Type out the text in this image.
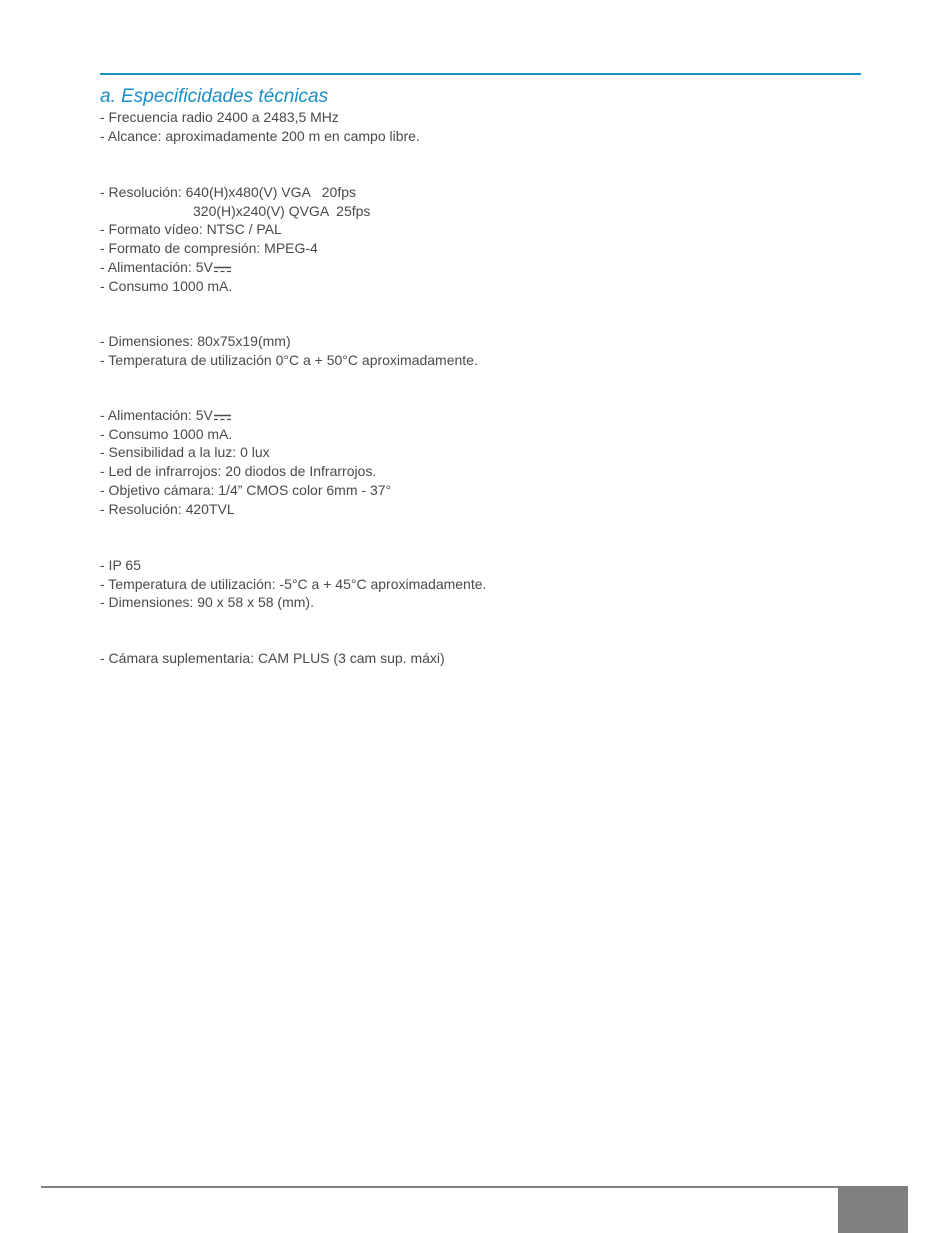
a. Especificidades técnicas
- Frecuencia radio 2400 a 2483,5 MHz
- Alcance: aproximadamente 200 m en campo libre.
- Resolución: 640(H)x480(V) VGA   20fps
320(H)x240(V) QVGA  25fps
- Formato vídeo: NTSC / PAL
- Formato de compresión: MPEG-4
- Alimentación: 5V
- Consumo 1000 mA.
- Dimensiones: 80x75x19(mm)
- Temperatura de utilización 0°C a + 50°C aproximadamente.
- Alimentación: 5V
- Consumo 1000 mA.
- Sensibilidad a la luz: 0 lux
- Led de infrarrojos: 20 diodos de Infrarrojos.
- Objetivo cámara: 1/4” CMOS color 6mm - 37°
- Resolución: 420TVL
- IP 65
- Temperatura de utilización: -5°C a + 45°C aproximadamente.
- Dimensiones: 90 x 58 x 58 (mm).
- Cámara suplementaria: CAM PLUS (3 cam sup. máxi)
